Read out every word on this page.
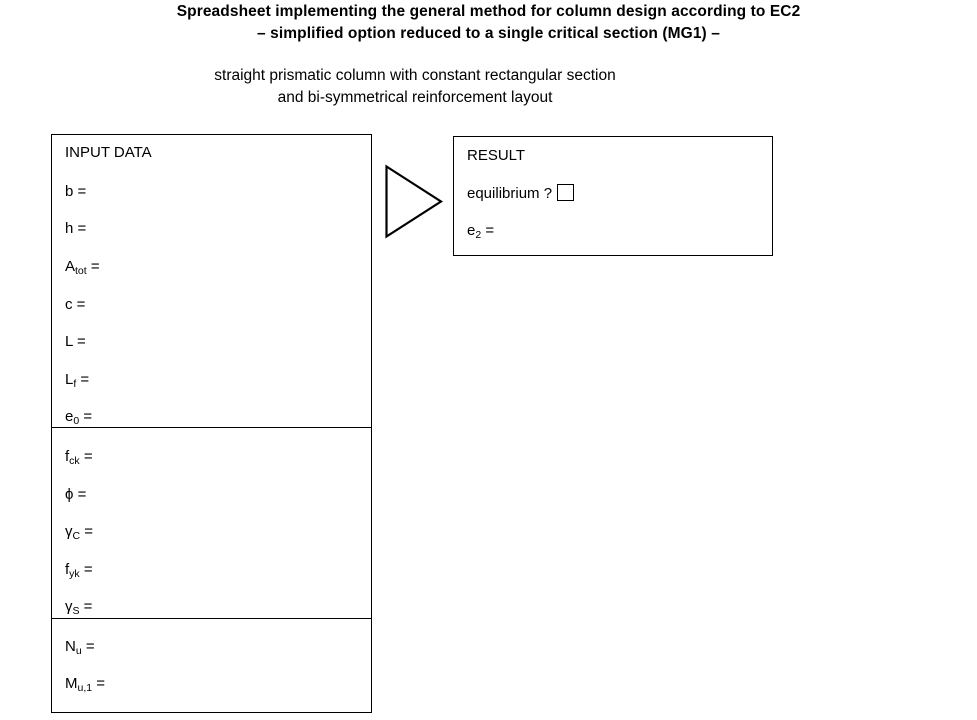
Spreadsheet implementing the general method for column design according to EC2
– simplified option reduced to a single critical section (MG1) –
straight prismatic column with constant rectangular section
and bi-symmetrical reinforcement layout
INPUT DATA
b =
h =
$A_{tot}$ =
c =
L =
$L_f$ =
$e_0$ =
$f_{ck}$ =
ϕ =
$\gamma_C$ =
$f_{yk}$ =
$\gamma_S$ =
$N_u$ =
$M_{u,1}$ =
RESULT
equilibrium ?
$e_2$ =
